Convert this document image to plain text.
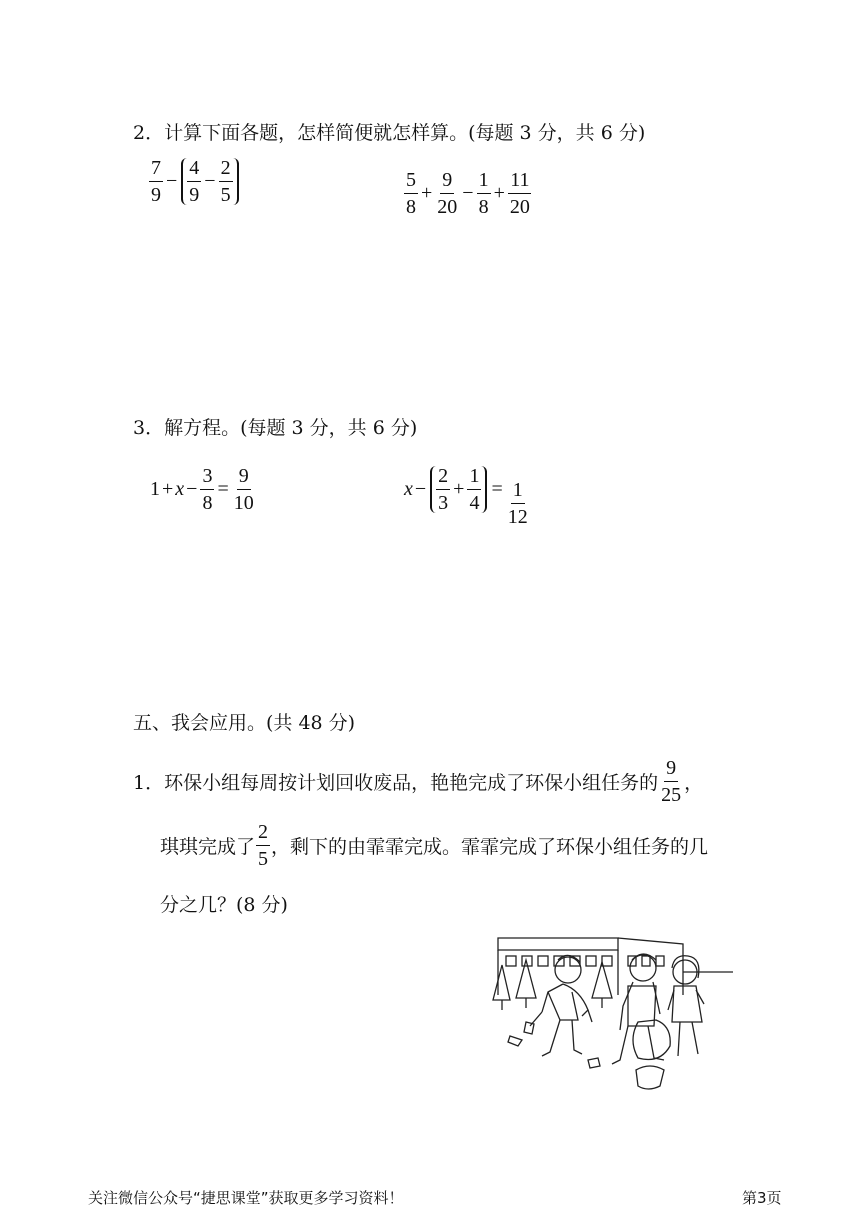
2．计算下面各题，怎样简便就怎样算。(每题 3 分，共 6 分)
$\frac{7}{9} - \frac{4}{9} - \frac{2}{5}$	$\frac{5}{8} + \frac{9}{20} - \frac{1}{8} + \frac{11}{20}$
3．解方程。(每题 3 分，共 6 分)
$1 + x - \frac{3}{8} = \frac{9}{10}$	$x - \frac{2}{3} + \frac{1}{4} = \frac{1}{12}$
五、我会应用。(共 48 分)
1．环保小组每周按计划回收废品，艳艳完成了环保小组任务的 $\frac{9}{25}$ ，
琪琪完成了 $\frac{2}{5}$ ，剩下的由霏霏完成。霏霏完成了环保小组任务的几
分之几？(8 分)
关注微信公众号“捷思课堂”获取更多学习资料！	第3页
